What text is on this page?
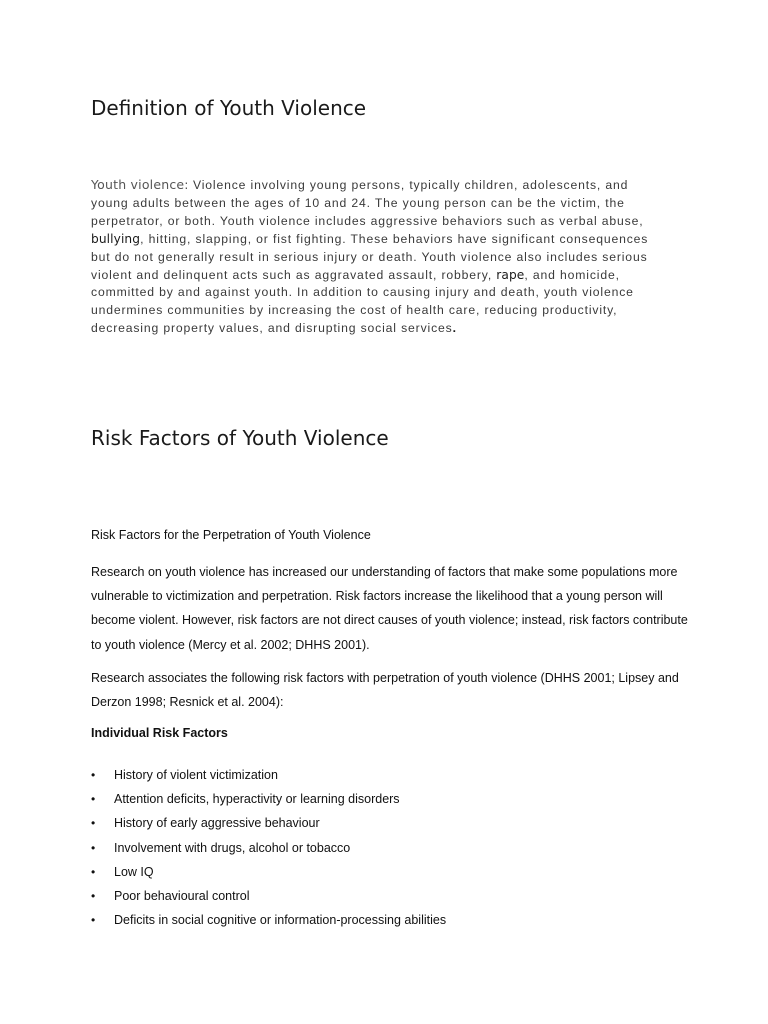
Definition of Youth Violence

Youth violence: Violence involving young persons, typically children, adolescents, and young adults between the ages of 10 and 24. The young person can be the victim, the perpetrator, or both. Youth violence includes aggressive behaviors such as verbal abuse, bullying, hitting, slapping, or fist fighting. These behaviors have significant consequences but do not generally result in serious injury or death. Youth violence also includes serious violent and delinquent acts such as aggravated assault, robbery, rape, and homicide, committed by and against youth. In addition to causing injury and death, youth violence undermines communities by increasing the cost of health care, reducing productivity, decreasing property values, and disrupting social services.

Risk Factors of Youth Violence

Risk Factors for the Perpetration of Youth Violence

Research on youth violence has increased our understanding of factors that make some populations more vulnerable to victimization and perpetration. Risk factors increase the likelihood that a young person will become violent. However, risk factors are not direct causes of youth violence; instead, risk factors contribute to youth violence (Mercy et al. 2002; DHHS 2001).

Research associates the following risk factors with perpetration of youth violence (DHHS 2001; Lipsey and Derzon 1998; Resnick et al. 2004):

Individual Risk Factors

• History of violent victimization
• Attention deficits, hyperactivity or learning disorders
• History of early aggressive behaviour
• Involvement with drugs, alcohol or tobacco
• Low IQ
• Poor behavioural control
• Deficits in social cognitive or information-processing abilities
